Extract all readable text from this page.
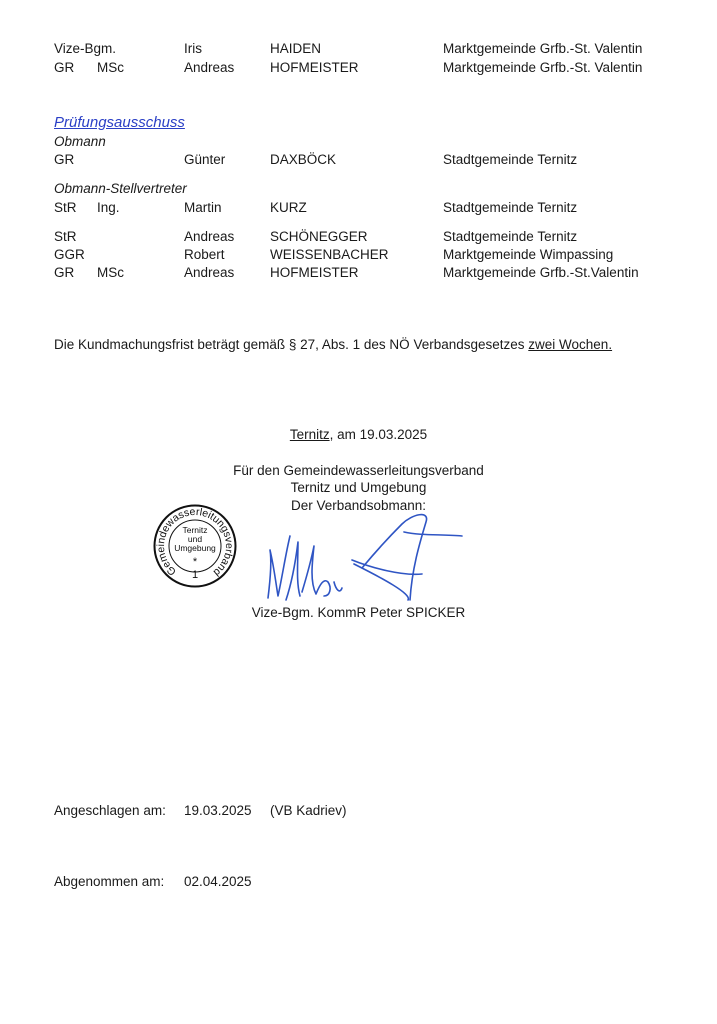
Vize-Bgm.	Iris	HAIDEN	Marktgemeinde Grfb.-St. Valentin
GR MSc	Andreas	HOFMEISTER	Marktgemeinde Grfb.-St. Valentin
Prüfungsausschuss
Obmann
GR	Günter	DAXBÖCK	Stadtgemeinde Ternitz
Obmann-Stellvertreter
StR Ing.	Martin	KURZ	Stadtgemeinde Ternitz
StR	Andreas	SCHÖNEGGER	Stadtgemeinde Ternitz
GGR	Robert	WEISSENBACHER	Marktgemeinde Wimpassing
GR MSc	Andreas	HOFMEISTER	Marktgemeinde Grfb.-St.Valentin
Die Kundmachungsfrist beträgt gemäß § 27, Abs. 1 des NÖ Verbandsgesetzes zwei Wochen.
Ternitz, am 19.03.2025
Für den Gemeindewasserleitungsverband
Ternitz und Umgebung
Der Verbandsobmann:
Gemeindewasserleitungsverband
Ternitz
und
Umgebung
*
1
Vize-Bgm. KommR Peter SPICKER
Angeschlagen am: 19.03.2025 (VB Kadriev)
Abgenommen am: 02.04.2025
